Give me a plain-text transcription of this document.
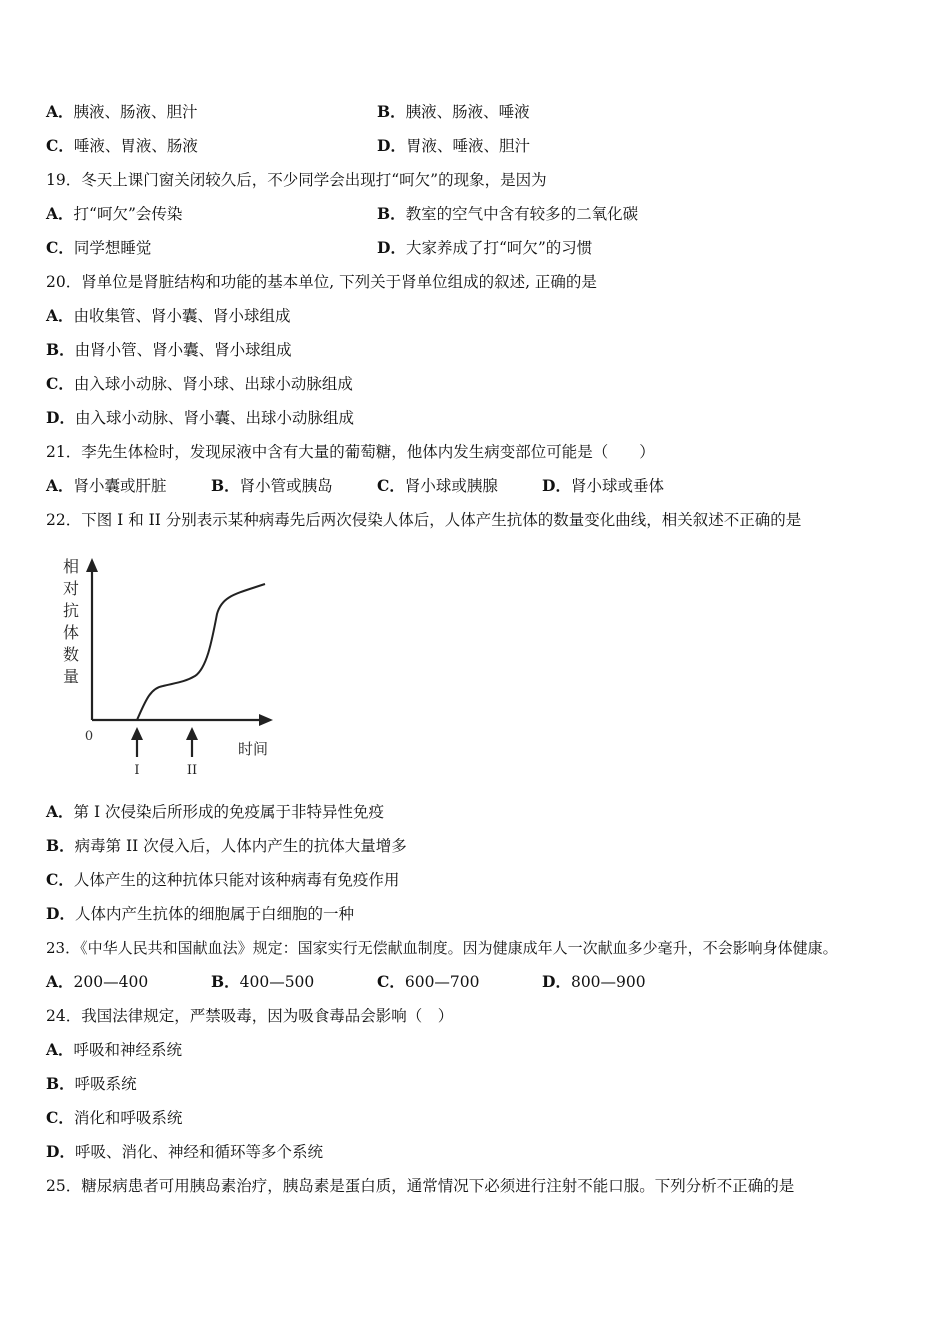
A．胰液、肠液、胆汁	B．胰液、肠液、唾液
C．唾液、胃液、肠液	D．胃液、唾液、胆汁
19．冬天上课门窗关闭较久后，不少同学会出现打“呵欠”的现象，是因为
A．打“呵欠”会传染	B．教室的空气中含有较多的二氧化碳
C．同学想睡觉	D．大家养成了打“呵欠”的习惯
20．肾单位是肾脏结构和功能的基本单位, 下列关于肾单位组成的叙述, 正确的是
A．由收集管、肾小囊、肾小球组成
B．由肾小管、肾小囊、肾小球组成
C．由入球小动脉、肾小球、出球小动脉组成
D．由入球小动脉、肾小囊、出球小动脉组成
21．李先生体检时，发现尿液中含有大量的葡萄糖，他体内发生病变部位可能是（　　）
A．肾小囊或肝脏	B．肾小管或胰岛	C．肾小球或胰腺	D．肾小球或垂体
22．下图 I 和 II 分别表示某种病毒先后两次侵染人体后，人体产生抗体的数量变化曲线，相关叙述不正确的是
相
对
抗
体
数
量
0
时间
I	II
A．第 I 次侵染后所形成的免疫属于非特异性免疫
B．病毒第 II 次侵入后，人体内产生的抗体大量增多
C．人体产生的这种抗体只能对该种病毒有免疫作用
D．人体内产生抗体的细胞属于白细胞的一种
23．《中华人民共和国献血法》规定：国家实行无偿献血制度。因为健康成年人一次献血多少毫升，不会影响身体健康。
A．200—400	B．400—500	C．600—700	D．800—900
24．我国法律规定，严禁吸毒，因为吸食毒品会影响（　）
A．呼吸和神经系统
B．呼吸系统
C．消化和呼吸系统
D．呼吸、消化、神经和循环等多个系统
25．糖尿病患者可用胰岛素治疗，胰岛素是蛋白质，通常情况下必须进行注射不能口服。下列分析不正确的是
